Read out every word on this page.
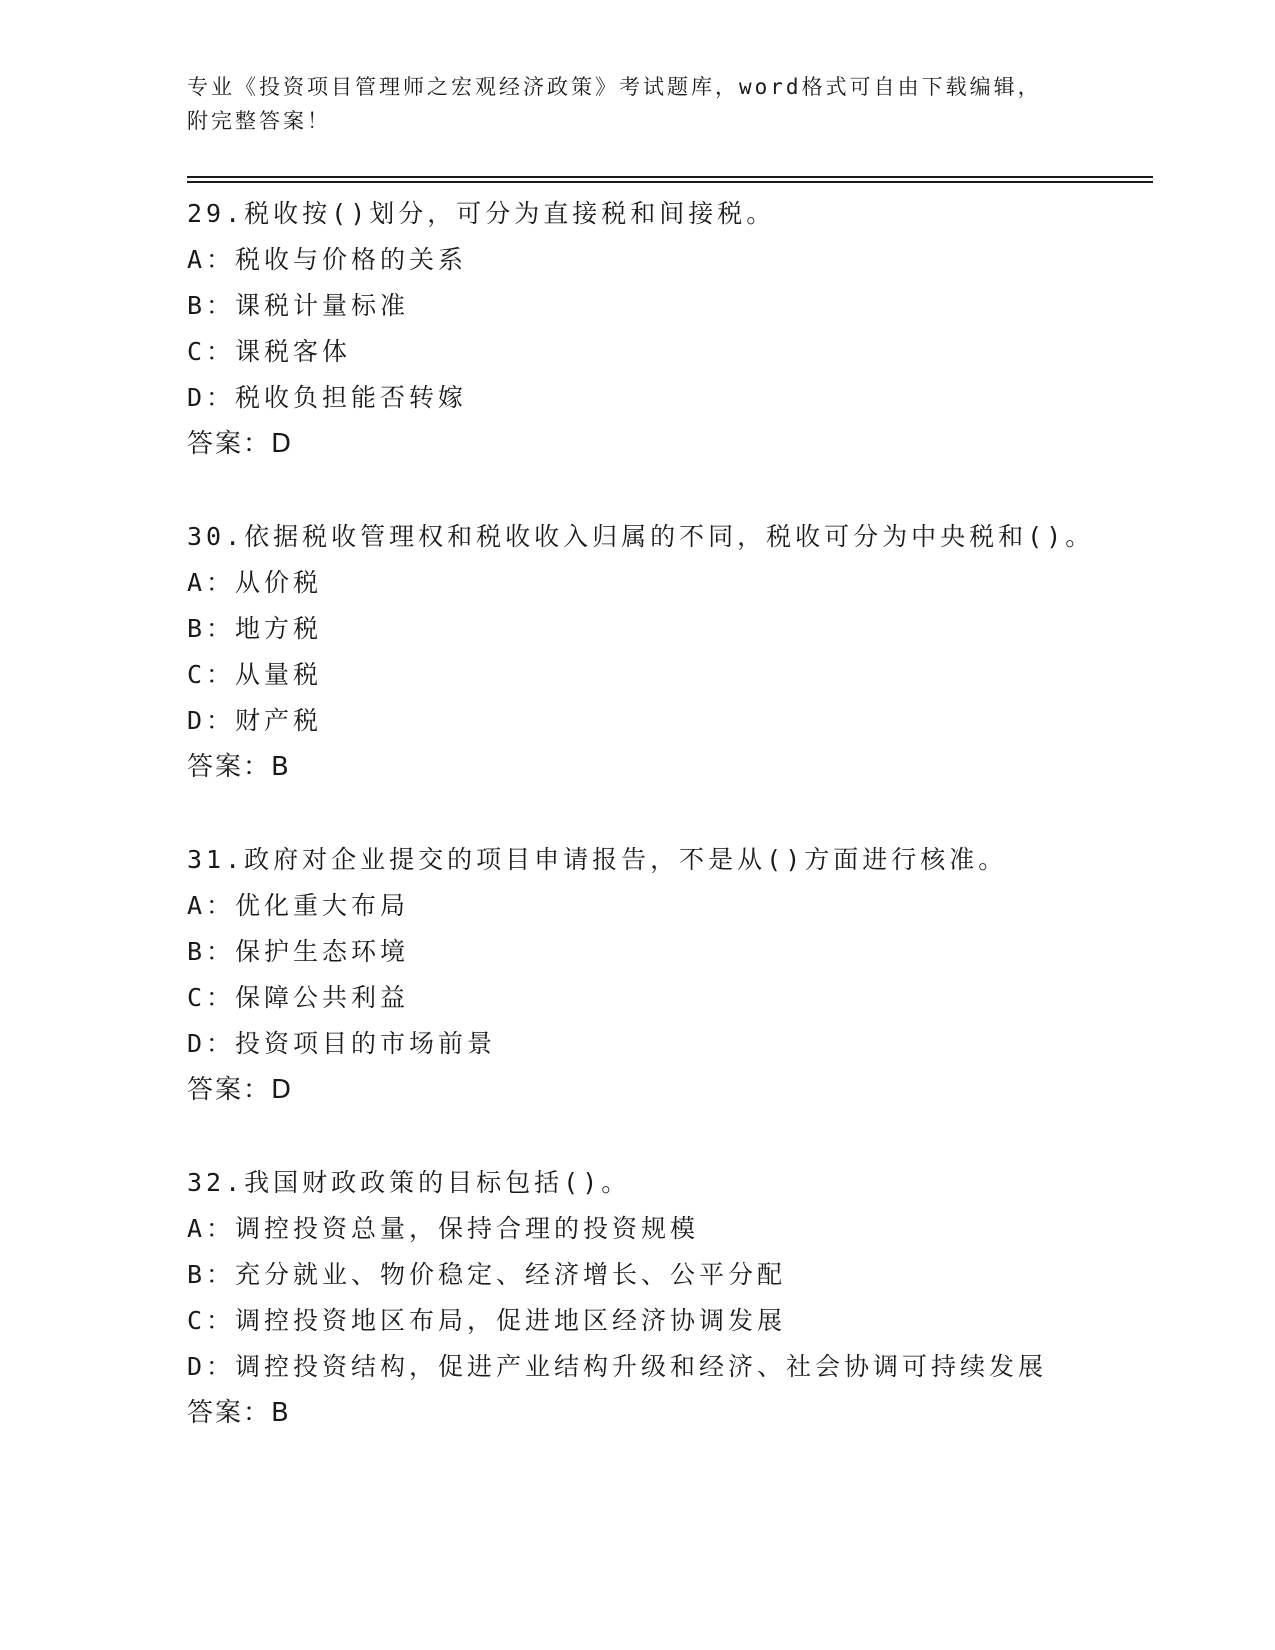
专业《投资项目管理师之宏观经济政策》考试题库，word格式可自由下载编辑，

附完整答案！

29.税收按()划分，可分为直接税和间接税。
A：税收与价格的关系
B：课税计量标准
C：课税客体
D：税收负担能否转嫁
答案：D
30.依据税收管理权和税收收入归属的不同，税收可分为中央税和()。
A：从价税
B：地方税
C：从量税
D：财产税
答案：B
31.政府对企业提交的项目申请报告，不是从()方面进行核准。
A：优化重大布局
B：保护生态环境
C：保障公共利益
D：投资项目的市场前景
答案：D
32.我国财政政策的目标包括()。
A：调控投资总量，保持合理的投资规模
B：充分就业、物价稳定、经济增长、公平分配
C：调控投资地区布局，促进地区经济协调发展
D：调控投资结构，促进产业结构升级和经济、社会协调可持续发展
答案：B
